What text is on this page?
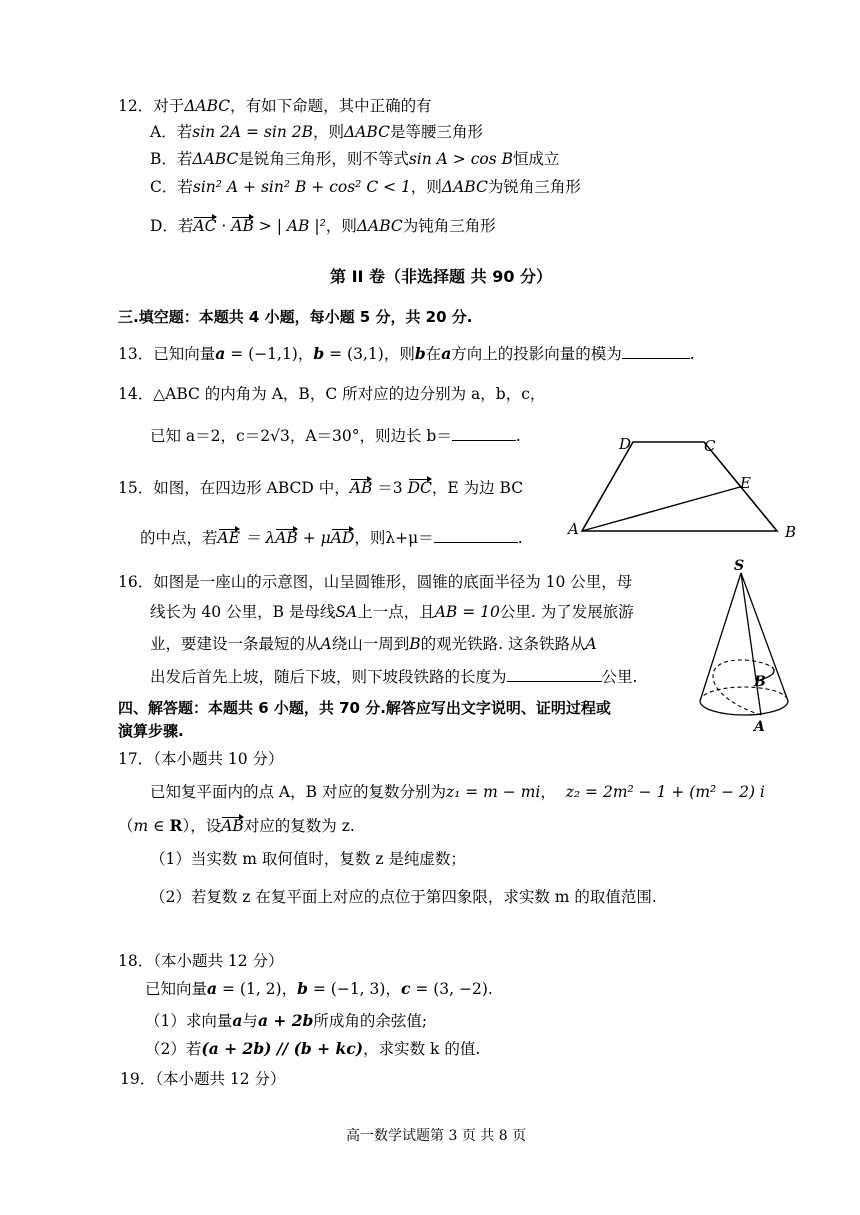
12．对于ΔABC，有如下命题，其中正确的有
A．若sin 2A = sin 2B，则ΔABC是等腰三角形
B．若ΔABC是锐角三角形，则不等式sin A > cos B恒成立
C．若sin² A + sin² B + cos² C < 1，则ΔABC为锐角三角形
D．若AC · AB > | AB |²，则ΔABC为钝角三角形
第 II 卷（非选择题 共 90 分）
三.填空题：本题共 4 小题，每小题 5 分，共 20 分.
13．已知向量a = (−1,1)，b = (3,1)，则b在a方向上的投影向量的模为	.
14．△ABC 的内角为 A，B，C 所对应的边分别为 a，b，c，
已知 a＝2，c＝2√3，A＝30°，则边长 b＝	.
15．如图，在四边形 ABCD 中，AB ＝3 DC，E 为边 BC
的中点，若AE ＝ λAB + μAD，则λ+μ＝	.
D	C
E
A	B
16．如图是一座山的示意图，山呈圆锥形，圆锥的底面半径为 10 公里，母
线长为 40 公里，B 是母线SA上一点，且AB = 10公里. 为了发展旅游
业，要建设一条最短的从A绕山一周到B的观光铁路. 这条铁路从A
出发后首先上坡，随后下坡，则下坡段铁路的长度为	公里.
S
B
A
四、解答题：本题共 6 小题，共 70 分.解答应写出文字说明、证明过程或
演算步骤.
17．（本小题共 10 分）
已知复平面内的点 A，B 对应的复数分别为z₁ = m − mi， z₂ = 2m² − 1 + (m² − 2) i
（m ∈ R），设AB对应的复数为 z.
（1）当实数 m 取何值时，复数 z 是纯虚数；
（2）若复数 z 在复平面上对应的点位于第四象限，求实数 m 的取值范围.
18．（本小题共 12 分）
已知向量a = (1, 2)，b = (−1, 3)，c = (3, −2).
（1）求向量a与a + 2b所成角的余弦值;
（2）若(a + 2b) // (b + kc)，求实数 k 的值.
19．（本小题共 12 分）
高一数学试题第 3 页 共 8 页
